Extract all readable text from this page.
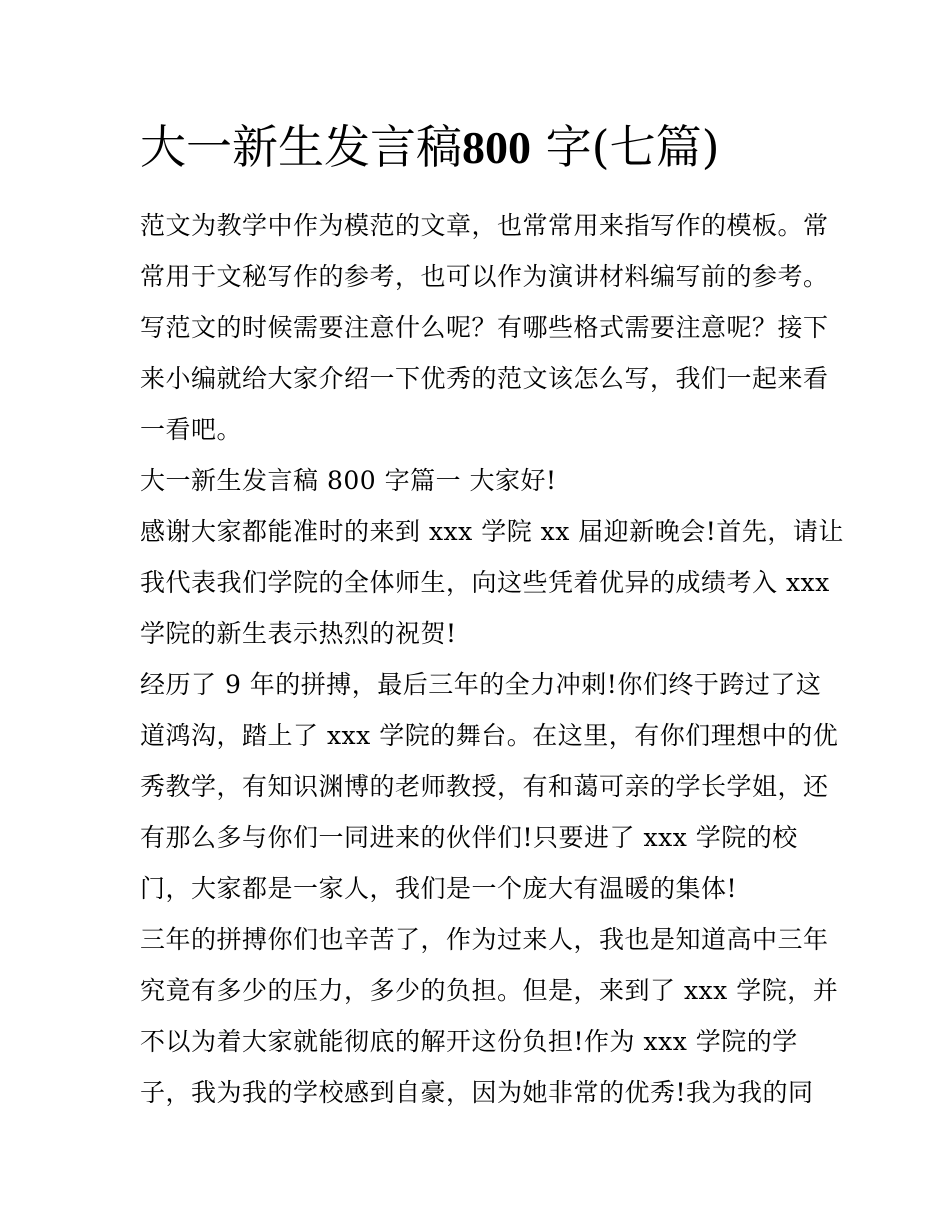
大一新生发言稿800 字(七篇)
范文为教学中作为模范的文章，也常常用来指写作的模板。常
常用于文秘写作的参考，也可以作为演讲材料编写前的参考。
写范文的时候需要注意什么呢？有哪些格式需要注意呢？接下
来小编就给大家介绍一下优秀的范文该怎么写，我们一起来看
一看吧。
大一新生发言稿 800 字篇一 大家好!
感谢大家都能准时的来到 xxx 学院 xx 届迎新晚会!首先，请让
我代表我们学院的全体师生，向这些凭着优异的成绩考入 xxx
学院的新生表示热烈的祝贺!
经历了 9 年的拼搏，最后三年的全力冲刺!你们终于跨过了这
道鸿沟，踏上了 xxx 学院的舞台。在这里，有你们理想中的优
秀教学，有知识渊博的老师教授，有和蔼可亲的学长学姐，还
有那么多与你们一同进来的伙伴们!只要进了 xxx 学院的校
门，大家都是一家人，我们是一个庞大有温暖的集体!
三年的拼搏你们也辛苦了，作为过来人，我也是知道高中三年
究竟有多少的压力，多少的负担。但是，来到了 xxx 学院，并
不以为着大家就能彻底的解开这份负担!作为 xxx 学院的学
子，我为我的学校感到自豪，因为她非常的优秀!我为我的同
